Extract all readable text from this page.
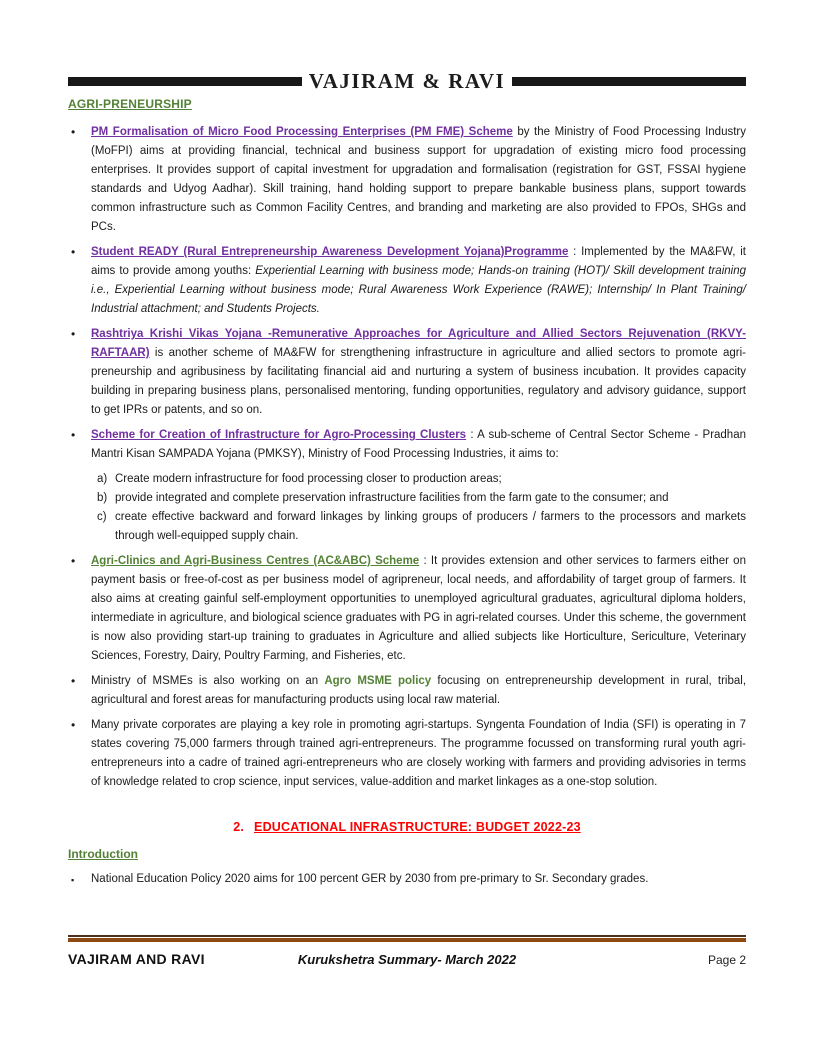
VAJIRAM & RAVI
AGRI-PRENEURSHIP
• PM Formalisation of Micro Food Processing Enterprises (PM FME) Scheme by the Ministry of Food Processing Industry (MoFPI) aims at providing financial, technical and business support for upgradation of existing micro food processing enterprises. It provides support of capital investment for upgradation and formalisation (registration for GST, FSSAI hygiene standards and Udyog Aadhar). Skill training, hand holding support to prepare bankable business plans, support towards common infrastructure such as Common Facility Centres, and branding and marketing are also provided to FPOs, SHGs and PCs.
• Student READY (Rural Entrepreneurship Awareness Development Yojana)Programme : Implemented by the MA&FW, it aims to provide among youths: Experiential Learning with business mode; Hands-on training (HOT)/ Skill development training i.e., Experiential Learning without business mode; Rural Awareness Work Experience (RAWE); Internship/ In Plant Training/ Industrial attachment; and Students Projects.
• Rashtriya Krishi Vikas Yojana -Remunerative Approaches for Agriculture and Allied Sectors Rejuvenation (RKVY-RAFTAAR) is another scheme of MA&FW for strengthening infrastructure in agriculture and allied sectors to promote agri-preneurship and agribusiness by facilitating financial aid and nurturing a system of business incubation. It provides capacity building in preparing business plans, personalised mentoring, funding opportunities, regulatory and advisory guidance, support to get IPRs or patents, and so on.
• Scheme for Creation of Infrastructure for Agro-Processing Clusters : A sub-scheme of Central Sector Scheme - Pradhan Mantri Kisan SAMPADA Yojana (PMKSY), Ministry of Food Processing Industries, it aims to:
a) Create modern infrastructure for food processing closer to production areas;
b) provide integrated and complete preservation infrastructure facilities from the farm gate to the consumer; and
c) create effective backward and forward linkages by linking groups of producers / farmers to the processors and markets through well-equipped supply chain.
• Agri-Clinics and Agri-Business Centres (AC&ABC) Scheme : It provides extension and other services to farmers either on payment basis or free-of-cost as per business model of agripreneur, local needs, and affordability of target group of farmers. It also aims at creating gainful self-employment opportunities to unemployed agricultural graduates, agricultural diploma holders, intermediate in agriculture, and biological science graduates with PG in agri-related courses. Under this scheme, the government is now also providing start-up training to graduates in Agriculture and allied subjects like Horticulture, Sericulture, Veterinary Sciences, Forestry, Dairy, Poultry Farming, and Fisheries, etc.
• Ministry of MSMEs is also working on an Agro MSME policy focusing on entrepreneurship development in rural, tribal, agricultural and forest areas for manufacturing products using local raw material.
• Many private corporates are playing a key role in promoting agri-startups. Syngenta Foundation of India (SFI) is operating in 7 states covering 75,000 farmers through trained agri-entrepreneurs. The programme focussed on transforming rural youth agri-entrepreneurs into a cadre of trained agri-entrepreneurs who are closely working with farmers and providing advisories in terms of knowledge related to crop science, input services, value-addition and market linkages as a one-stop solution.
2. EDUCATIONAL INFRASTRUCTURE: BUDGET 2022-23
Introduction
▪ National Education Policy 2020 aims for 100 percent GER by 2030 from pre-primary to Sr. Secondary grades.
VAJIRAM AND RAVI	Kurukshetra Summary- March 2022	Page 2
